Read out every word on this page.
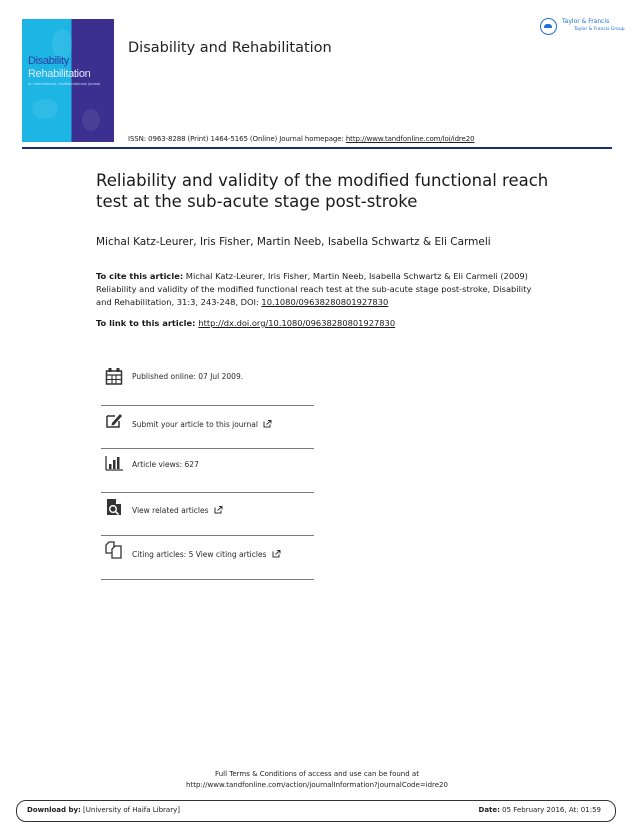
Disability
Rehabilitation
An international, multidisciplinary journal
Disability and Rehabilitation
Taylor & Francis
Taylor & Francis Group
ISSN: 0963-8288 (Print) 1464-5165 (Online) Journal homepage: http://www.tandfonline.com/loi/idre20
Reliability and validity of the modified functional reach test at the sub-acute stage post-stroke
Michal Katz-Leurer, Iris Fisher, Martin Neeb, Isabella Schwartz & Eli Carmeli
To cite this article: Michal Katz-Leurer, Iris Fisher, Martin Neeb, Isabella Schwartz & Eli Carmeli (2009) Reliability and validity of the modified functional reach test at the sub-acute stage post-stroke, Disability and Rehabilitation, 31:3, 243-248, DOI: 10.1080/09638280801927830
To link to this article: http://dx.doi.org/10.1080/09638280801927830
Published online: 07 Jul 2009.
Submit your article to this journal
Article views: 627
View related articles
Citing articles: 5 View citing articles
Full Terms & Conditions of access and use can be found at
http://www.tandfonline.com/action/journalInformation?journalCode=idre20
Download by: [University of Haifa Library]	Date: 05 February 2016, At: 01:59
